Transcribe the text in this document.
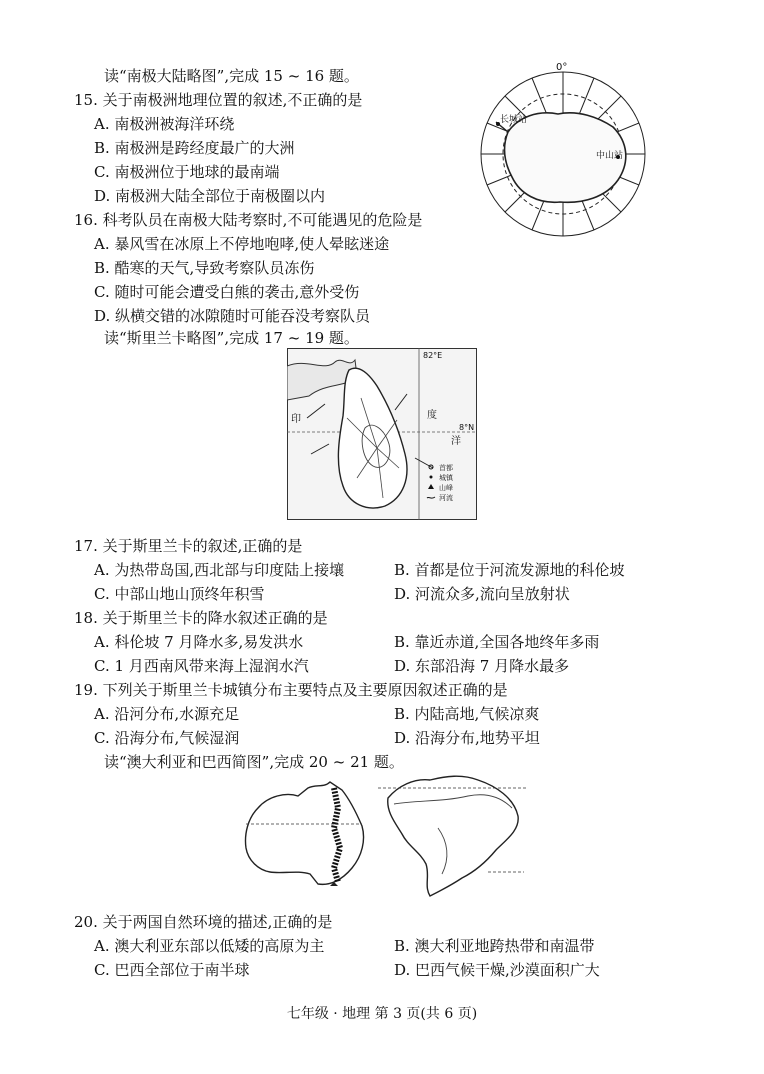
读“南极大陆略图”,完成 15 ~ 16 题。
15. 关于南极洲地理位置的叙述,不正确的是
A. 南极洲被海洋环绕
B. 南极洲是跨经度最广的大洲
C. 南极洲位于地球的最南端
D. 南极洲大陆全部位于南极圈以内
16. 科考队员在南极大陆考察时,不可能遇见的危险是
A. 暴风雪在冰原上不停地咆哮,使人晕眩迷途
B. 酷寒的天气,导致考察队员冻伤
C. 随时可能会遭受白熊的袭击,意外受伤
D. 纵横交错的冰隙随时可能吞没考察队员
0°
长城站
中山站
读“斯里兰卡略图”,完成 17 ~ 19 题。
82°E
8°N
印	度
洋
首都
城镇
山峰
河流
17. 关于斯里兰卡的叙述,正确的是
A. 为热带岛国,西北部与印度陆上接壤	B. 首都是位于河流发源地的科伦坡
C. 中部山地山顶终年积雪	D. 河流众多,流向呈放射状
18. 关于斯里兰卡的降水叙述正确的是
A. 科伦坡 7 月降水多,易发洪水	B. 靠近赤道,全国各地终年多雨
C. 1 月西南风带来海上湿润水汽	D. 东部沿海 7 月降水最多
19. 下列关于斯里兰卡城镇分布主要特点及主要原因叙述正确的是
A. 沿河分布,水源充足	B. 内陆高地,气候凉爽
C. 沿海分布,气候湿润	D. 沿海分布,地势平坦
读“澳大利亚和巴西简图”,完成 20 ~ 21 题。
20. 关于两国自然环境的描述,正确的是
A. 澳大利亚东部以低矮的高原为主	B. 澳大利亚地跨热带和南温带
C. 巴西全部位于南半球	D. 巴西气候干燥,沙漠面积广大
七年级 · 地理 第 3 页(共 6 页)
